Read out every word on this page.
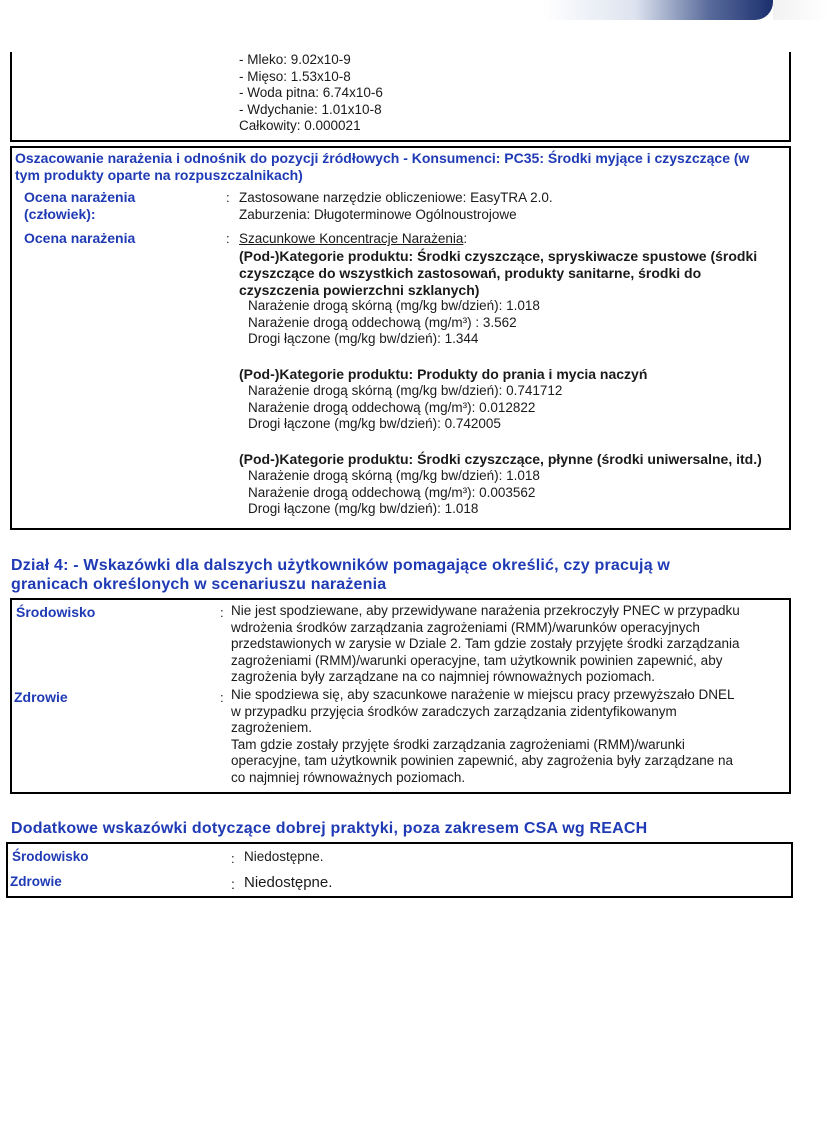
- Mleko: 9.02x10-9
- Mięso: 1.53x10-8
- Woda pitna: 6.74x10-6
- Wdychanie: 1.01x10-8
Całkowity: 0.000021
Oszacowanie narażenia i odnośnik do pozycji źródłowych - Konsumenci: PC35: Środki myjące i czyszczące (w
tym produkty oparte na rozpuszczalnikach)
Ocena narażenia
(człowiek):
: Zastosowane narzędzie obliczeniowe: EasyTRA 2.0.
Zaburzenia: Długoterminowe Ogólnoustrojowe
Ocena narażenia	: Szacunkowe Koncentracje Narażenia:
(Pod-)Kategorie produktu: Środki czyszczące, spryskiwacze spustowe (środki
czyszczące do wszystkich zastosowań, produkty sanitarne, środki do
czyszczenia powierzchni szklanych)
Narażenie drogą skórną (mg/kg bw/dzień): 1.018
Narażenie drogą oddechową (mg/m³) : 3.562
Drogi łączone (mg/kg bw/dzień): 1.344
(Pod-)Kategorie produktu: Produkty do prania i mycia naczyń
Narażenie drogą skórną (mg/kg bw/dzień): 0.741712
Narażenie drogą oddechową (mg/m³): 0.012822
Drogi łączone (mg/kg bw/dzień): 0.742005
(Pod-)Kategorie produktu: Środki czyszczące, płynne (środki uniwersalne, itd.)
Narażenie drogą skórną (mg/kg bw/dzień): 1.018
Narażenie drogą oddechową (mg/m³): 0.003562
Drogi łączone (mg/kg bw/dzień): 1.018
Dział 4: - Wskazówki dla dalszych użytkowników pomagające określić, czy pracują w
granicach określonych w scenariuszu narażenia
Środowisko	: Nie jest spodziewane, aby przewidywane narażenia przekroczyły PNEC w przypadku
wdrożenia środków zarządzania zagrożeniami (RMM)/warunków operacyjnych
przedstawionych w zarysie w Dziale 2. Tam gdzie zostały przyjęte środki zarządzania
zagrożeniami (RMM)/warunki operacyjne, tam użytkownik powinien zapewnić, aby
zagrożenia były zarządzane na co najmniej równoważnych poziomach.
Zdrowie	: Nie spodziewa się, aby szacunkowe narażenie w miejscu pracy przewyższało DNEL
w przypadku przyjęcia środków zaradczych zarządzania zidentyfikowanym
zagrożeniem.
Tam gdzie zostały przyjęte środki zarządzania zagrożeniami (RMM)/warunki
operacyjne, tam użytkownik powinien zapewnić, aby zagrożenia były zarządzane na
co najmniej równoważnych poziomach.
Dodatkowe wskazówki dotyczące dobrej praktyki, poza zakresem CSA wg REACH
Środowisko	: Niedostępne.
Zdrowie	: Niedostępne.
